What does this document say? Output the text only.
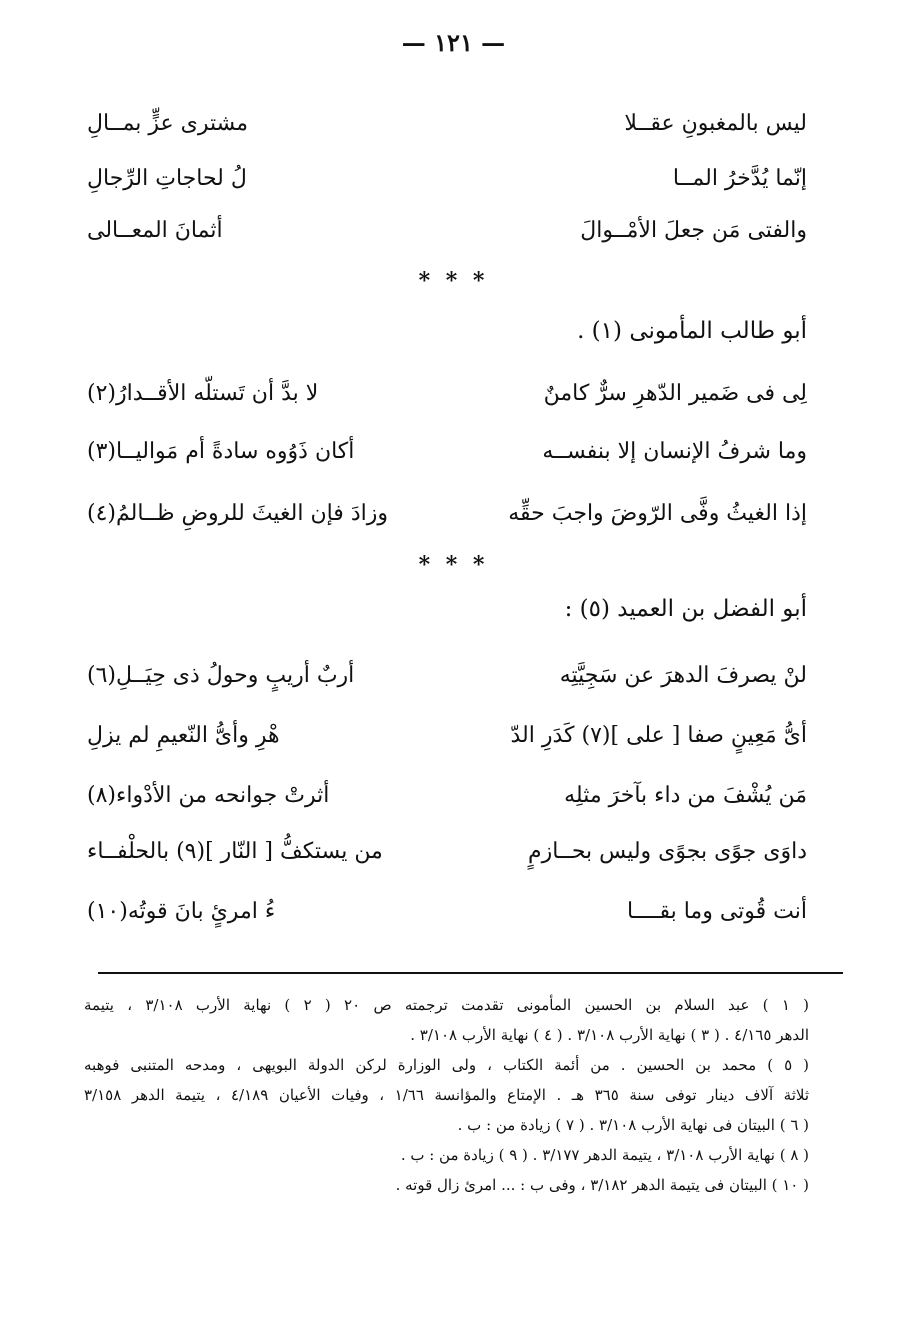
— ١٢١ —
ليس بالمغبونِ عقــلا
مشترى عزٍّ بمــالِ
إنّما يُدَّخرُ المــا
لُ لحاجاتِ الرِّجالِ
والفتى مَن جعلَ الأمْــوالَ
أثمانَ المعــالى
* * *
أبو طالب المأمونى (١) .
لِى فى ضَمير الدّهرِ سرٌّ كامنٌ
لا بدَّ أن تَستلّه الأقــدارُ(٢)
وما شرفُ الإنسان إلا بنفســه
أكان ذَوُوه سادةً أم مَواليــا(٣)
إذا الغيثُ وفَّى الرّوضَ واجبَ حقِّه
وزادَ فإن الغيثَ للروضِ ظــالمُ(٤)
* * *
أبو الفضل بن العميد (٥) :
لنْ يصرفَ الدهرَ عن سَجِيَّتِه
أربٌ أريبٍ وحولُ ذى حِيَــلِ(٦)
أىُّ مَعِينٍ صفا [ على ](٧) كَدَرِ الدّ
هْرِ وأىُّ النّعيمِ لم يزلِ
مَن يُشْفَ من داء بآخرَ مثلِه
أثرتْ جوانحه من الأدْواء(٨)
داوَى جوًى بجوًى وليس بحــازمٍ
من يستكفُّ [ النّار ](٩) بالحلْفــاء
أنت قُوتى وما بقــــا
ءُ امرئٍ بانَ قوتُه(١٠)
( ١ ) عبد السلام بن الحسين المأمونى تقدمت ترجمته ص ٢٠ ( ٢ ) نهاية الأرب ٣/١٠٨ ، يتيمة
الدهر ٤/١٦٥ . ( ٣ ) نهاية الأرب ٣/١٠٨ . ( ٤ ) نهاية الأرب ٣/١٠٨ .
( ٥ ) محمد بن الحسين . من أئمة الكتاب ، ولى الوزارة لركن الدولة البويهى ، ومدحه المتنبى فوهبه
ثلاثة آلاف دينار توفى سنة ٣٦٥ هـ . الإمتاع والمؤانسة ١/٦٦ ، وفيات الأعيان ٤/١٨٩ ، يتيمة الدهر ٣/١٥٨
( ٦ ) البيتان فى نهاية الأرب ٣/١٠٨ . ( ٧ ) زيادة من : ب .
( ٨ ) نهاية الأرب ٣/١٠٨ ، يتيمة الدهر ٣/١٧٧ . ( ٩ ) زيادة من : ب .
( ١٠ ) البيتان فى يتيمة الدهر ٣/١٨٢ ، وفى ب : ... امرئ زال قوته .
